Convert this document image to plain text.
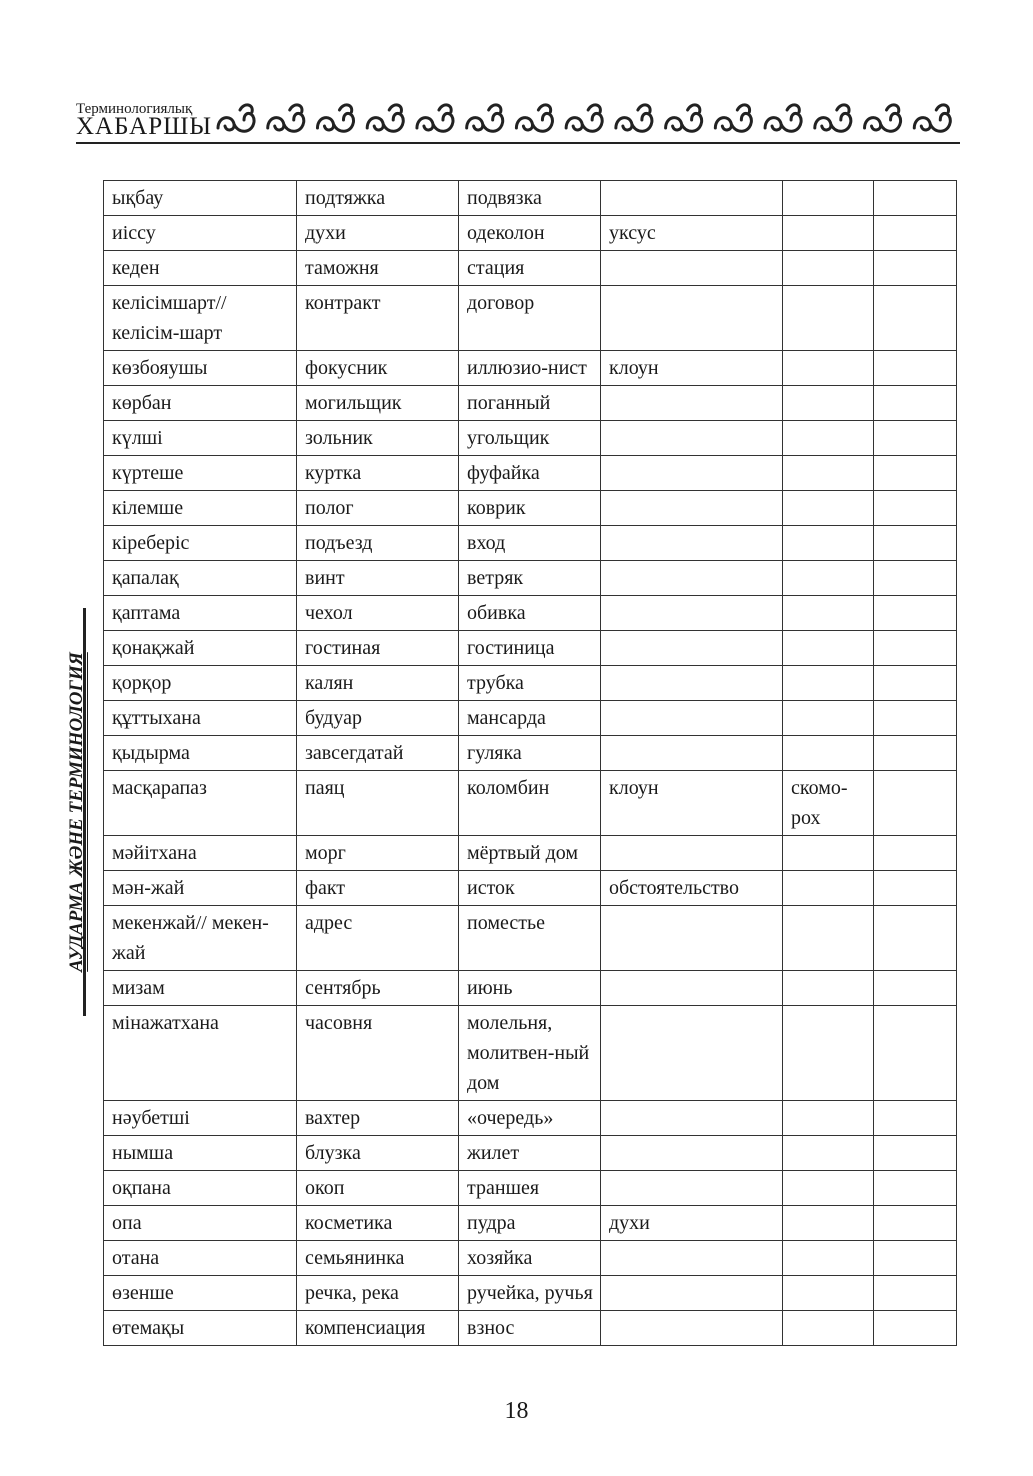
Терминологиялық
ХАБАРШЫ
АУДАРМА ЖӘНЕ ТЕРМИНОЛОГИЯ
ықбау	подтяжка	подвязка			
иіссу	духи	одеколон	уксус		
кеден	таможня	стация			
келісімшарт// келісім-шарт	контракт	договор			
көзбояушы	фокусник	иллюзио-нист	клоун		
көрбан	могильщик	поганный			
күлші	зольник	угольщик			
күртеше	куртка	фуфайка			
кілемше	полог	коврик			
кіреберіс	подъезд	вход			
қапалақ	винт	ветряк			
қаптама	чехол	обивка			
қонақжай	гостиная	гостиница			
қорқор	калян	трубка			
құттыхана	будуар	мансарда			
қыдырма	завсегдатай	гуляка			
масқарапаз	паяц	коломбин	клоун	скомо-рох	
мәйітхана	морг	мёртвый дом			
мән-жай	факт	исток	обстоятельство		
мекенжай// мекен-жай	адрес	поместье			
мизам	сентябрь	июнь			
мінажатхана	часовня	молельня, молитвен-ный дом			
нәубетші	вахтер	«очередь»			
нымша	блузка	жилет			
оқпана	окоп	траншея			
опа	косметика	пудра	духи		
отана	семьянинка	хозяйка			
өзенше	речка, река	ручейка, ручья			
өтемақы	компенсиация	взнос			
18
